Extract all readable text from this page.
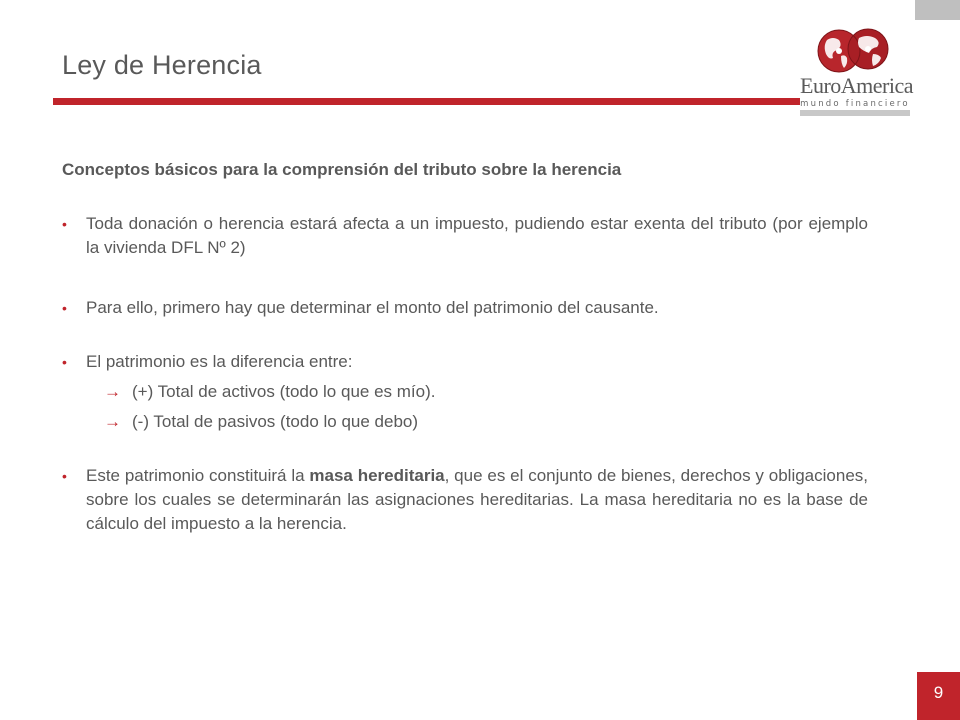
Ley de Herencia
EuroAmerica
mundo financiero

Conceptos básicos para la comprensión del tributo sobre la herencia

• Toda donación o herencia estará afecta a un impuesto, pudiendo estar exenta del tributo (por ejemplo la vivienda DFL Nº 2)

• Para ello, primero hay que determinar el monto del patrimonio del causante.

• El patrimonio es la diferencia entre:

→ (+) Total de activos (todo lo que es mío).

→ (-) Total de pasivos (todo lo que debo)

• Este patrimonio constituirá la masa hereditaria, que es el conjunto de bienes, derechos y obligaciones, sobre los cuales se determinarán las asignaciones hereditarias. La masa hereditaria no es la base de cálculo del impuesto a la herencia.

9
